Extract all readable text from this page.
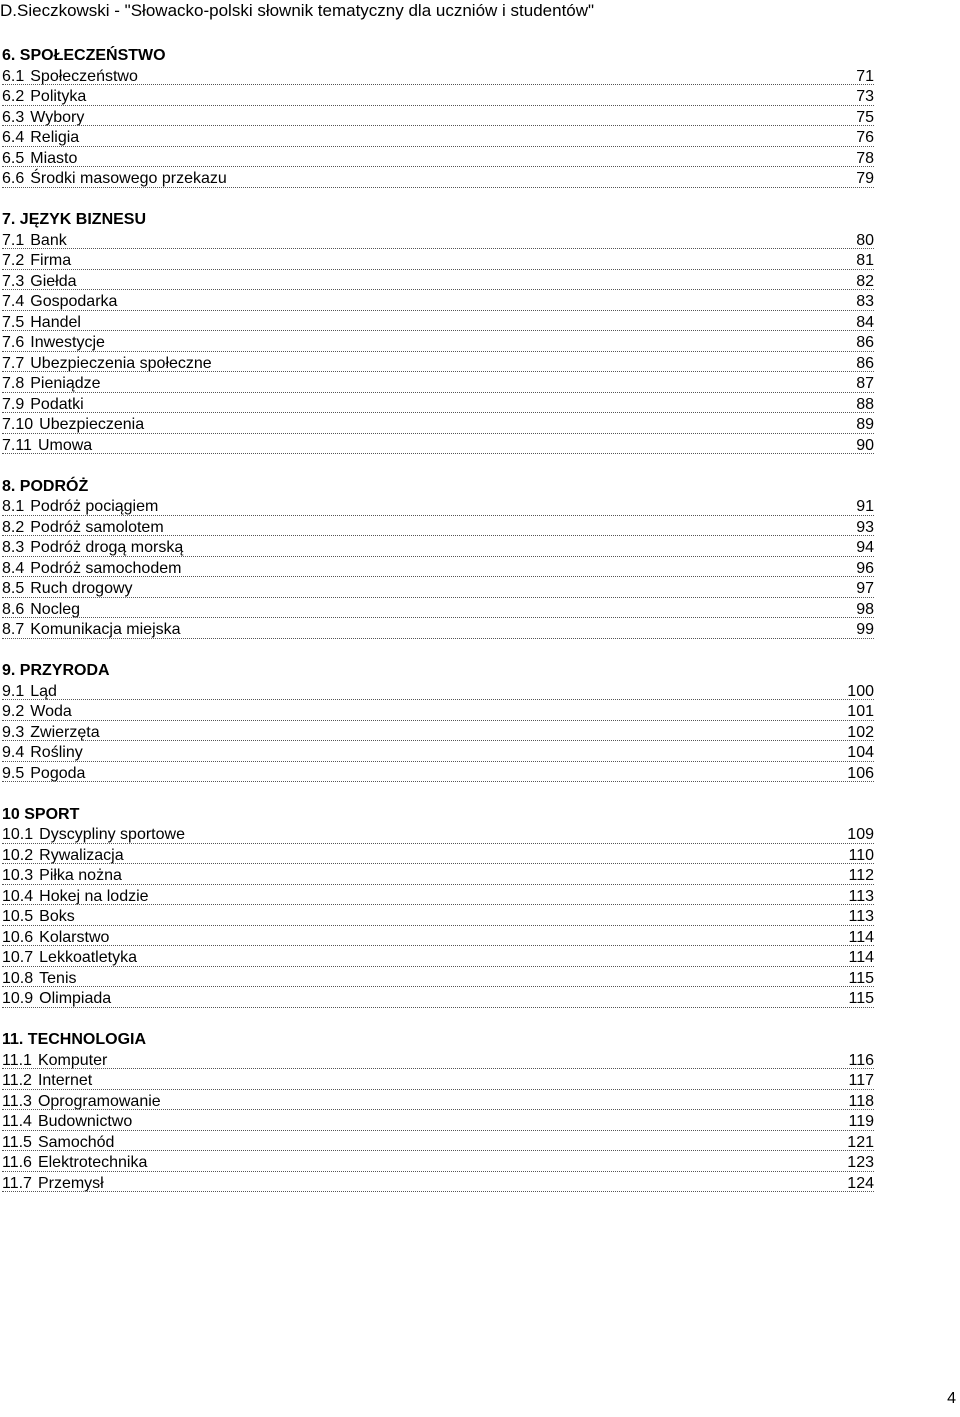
D.Sieczkowski - "Słowacko-polski słownik tematyczny dla uczniów i studentów"
6. SPOŁECZEŃSTWO
6.1 Społeczeństwo	71
6.2 Polityka	73
6.3 Wybory	75
6.4 Religia	76
6.5 Miasto	78
6.6 Środki masowego przekazu	79
7. JĘZYK BIZNESU
7.1 Bank	80
7.2 Firma	81
7.3 Giełda	82
7.4 Gospodarka	83
7.5 Handel	84
7.6 Inwestycje	86
7.7 Ubezpieczenia społeczne	86
7.8 Pieniądze	87
7.9 Podatki	88
7.10 Ubezpieczenia	89
7.11 Umowa	90
8. PODRÓŻ
8.1 Podróż pociągiem	91
8.2 Podróż samolotem	93
8.3 Podróż drogą morską	94
8.4 Podróż samochodem	96
8.5 Ruch drogowy	97
8.6 Nocleg	98
8.7 Komunikacja miejska	99
9. PRZYRODA
9.1 Ląd	100
9.2 Woda	101
9.3 Zwierzęta	102
9.4 Rośliny	104
9.5 Pogoda	106
10 SPORT
10.1 Dyscypliny sportowe	109
10.2 Rywalizacja	110
10.3 Piłka nożna	112
10.4 Hokej na lodzie	113
10.5 Boks	113
10.6 Kolarstwo	114
10.7 Lekkoatletyka	114
10.8 Tenis	115
10.9 Olimpiada	115
11. TECHNOLOGIA
11.1 Komputer	116
11.2 Internet	117
11.3 Oprogramowanie	118
11.4 Budownictwo	119
11.5 Samochód	121
11.6 Elektrotechnika	123
11.7 Przemysł	124
4
